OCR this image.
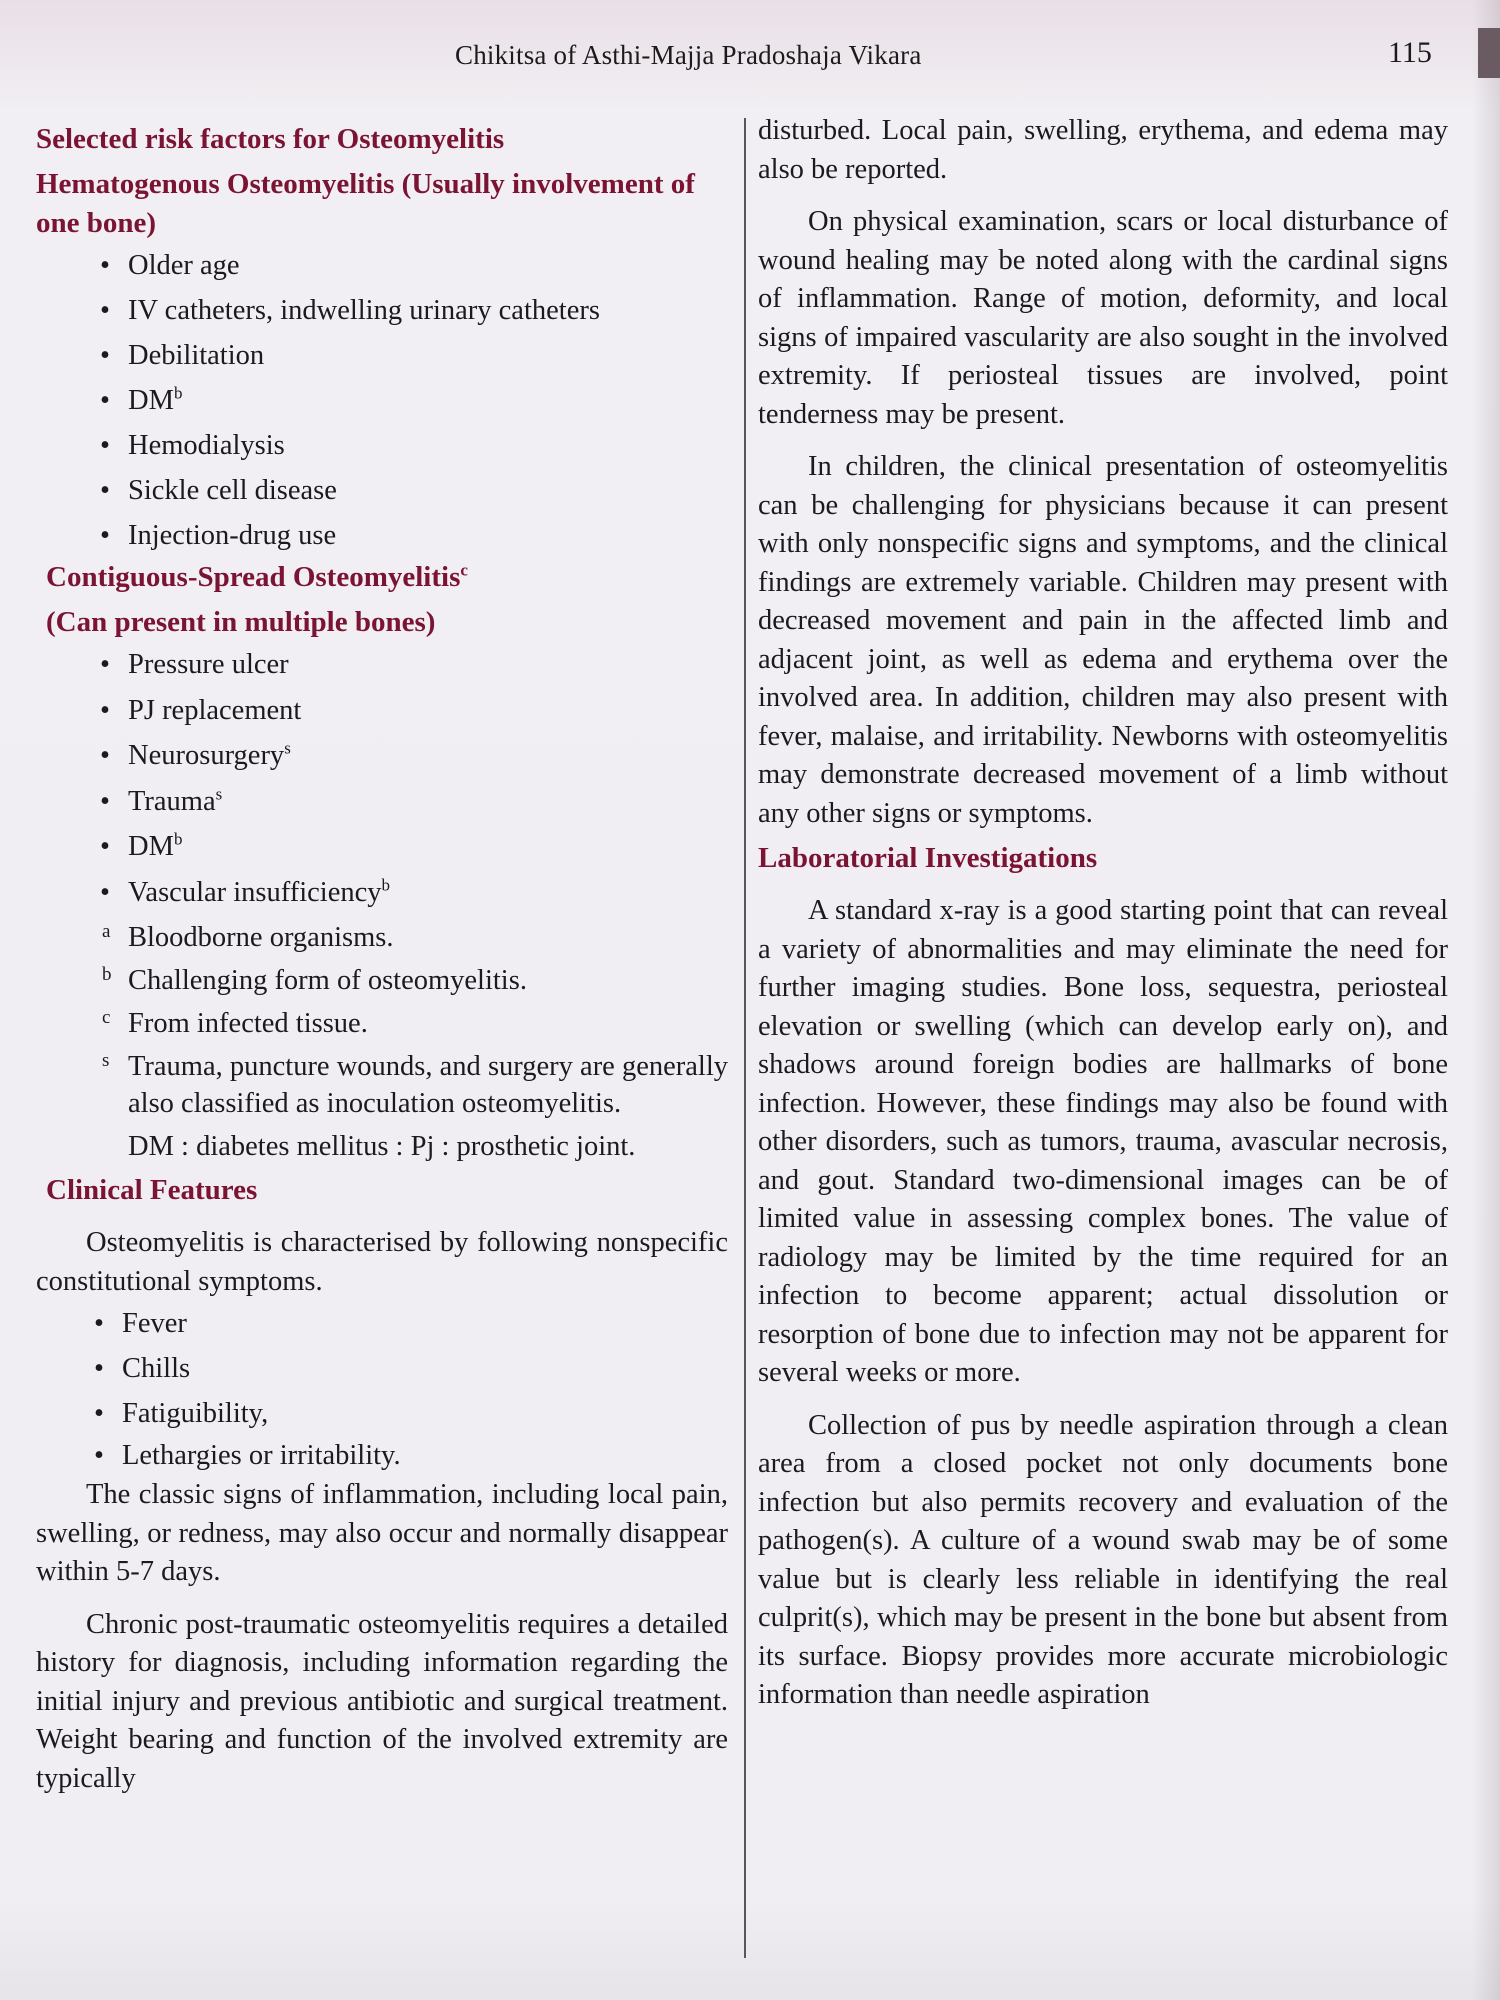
Chikitsa of Asthi-Majja Pradoshaja Vikara	115

Selected risk factors for Osteomyelitis

Hematogenous Osteomyelitis (Usually involvement of one bone)

• Older age
• IV catheters, indwelling urinary catheters
• Debilitation
• $DM^b$
• Hemodialysis
• Sickle cell disease
• Injection-drug use

Contiguous-Spread Osteomyelitis$^c$

(Can present in multiple bones)

• Pressure ulcer
• PJ replacement
• Neurosurgery$^s$
• Trauma$^s$
• $DM^b$
• Vascular insufficiency$^b$
a Bloodborne organisms.
b Challenging form of osteomyelitis.
c From infected tissue.
s Trauma, puncture wounds, and surgery are generally also classified as inoculation osteomyelitis.
DM : diabetes mellitus : Pj : prosthetic joint.

Clinical Features

Osteomyelitis is characterised by following nonspecific constitutional symptoms.

• Fever
• Chills
• Fatiguibility,
• Lethargies or irritability.

The classic signs of inflammation, including local pain, swelling, or redness, may also occur and normally disappear within 5-7 days.

Chronic post-traumatic osteomyelitis requires a detailed history for diagnosis, including information regarding the initial injury and previous antibiotic and surgical treatment. Weight bearing and function of the involved extremity are typically

disturbed. Local pain, swelling, erythema, and edema may also be reported.

On physical examination, scars or local disturbance of wound healing may be noted along with the cardinal signs of inflammation. Range of motion, deformity, and local signs of impaired vascularity are also sought in the involved extremity. If periosteal tissues are involved, point tenderness may be present.

In children, the clinical presentation of osteomyelitis can be challenging for physicians because it can present with only nonspecific signs and symptoms, and the clinical findings are extremely variable. Children may present with decreased movement and pain in the affected limb and adjacent joint, as well as edema and erythema over the involved area. In addition, children may also present with fever, malaise, and irritability. Newborns with osteomyelitis may demonstrate decreased movement of a limb without any other signs or symptoms.

Laboratorial Investigations

A standard x-ray is a good starting point that can reveal a variety of abnormalities and may eliminate the need for further imaging studies. Bone loss, sequestra, periosteal elevation or swelling (which can develop early on), and shadows around foreign bodies are hallmarks of bone infection. However, these findings may also be found with other disorders, such as tumors, trauma, avascular necrosis, and gout. Standard two-dimensional images can be of limited value in assessing complex bones. The value of radiology may be limited by the time required for an infection to become apparent; actual dissolution or resorption of bone due to infection may not be apparent for several weeks or more.

Collection of pus by needle aspiration through a clean area from a closed pocket not only documents bone infection but also permits recovery and evaluation of the pathogen(s). A culture of a wound swab may be of some value but is clearly less reliable in identifying the real culprit(s), which may be present in the bone but absent from its surface. Biopsy provides more accurate microbiologic information than needle aspiration
